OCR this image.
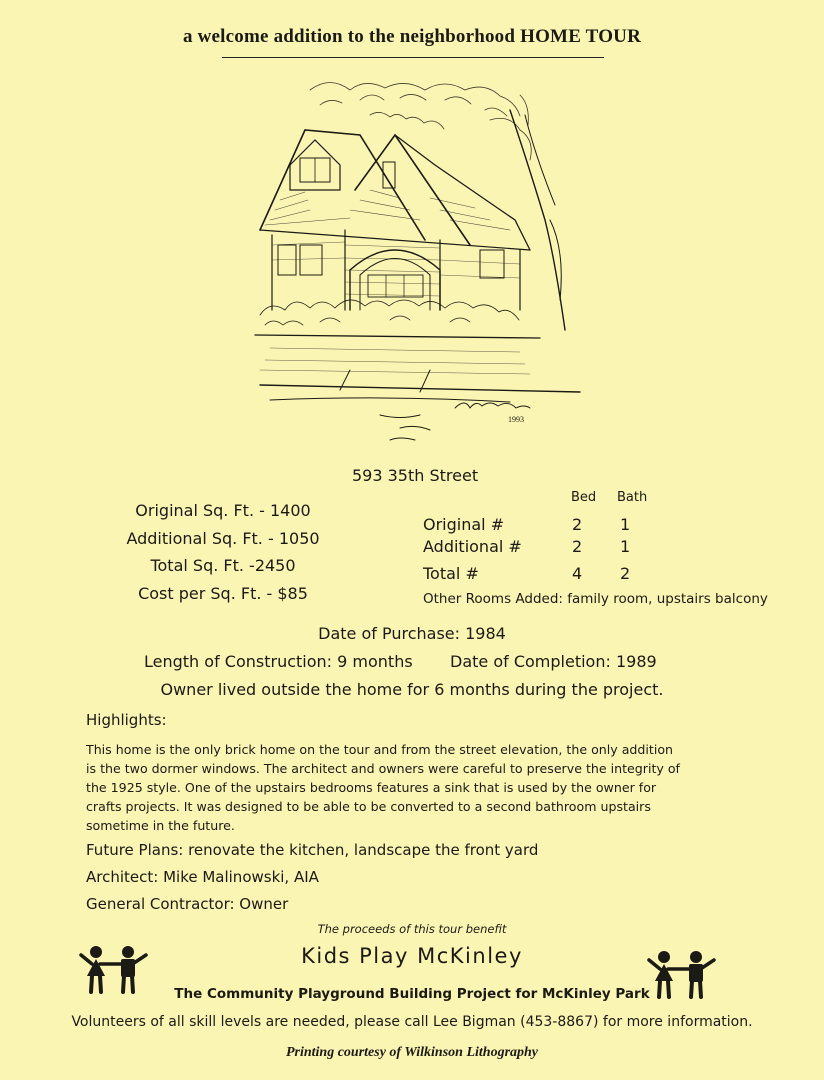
a welcome addition to the neighborhood HOME TOUR
1993
593 35th Street
Original Sq. Ft. - 1400
Additional Sq. Ft. - 1050
Total Sq. Ft. -2450
Cost per Sq. Ft. - $85
Bed Bath
Original #	2 1
Additional #	2 1
Total #	4 2
Other Rooms Added: family room, upstairs balcony
Date of Purchase: 1984
Length of Construction: 9 months Date of Completion: 1989
Owner lived outside the home for 6 months during the project.
Highlights:
This home is the only brick home on the tour and from the street elevation, the only addition
is the two dormer windows. The architect and owners were careful to preserve the integrity of
the 1925 style. One of the upstairs bedrooms features a sink that is used by the owner for
crafts projects. It was designed to be able to be converted to a second bathroom upstairs
sometime in the future.
Future Plans: renovate the kitchen, landscape the front yard
Architect: Mike Malinowski, AIA
General Contractor: Owner
The proceeds of this tour benefit
Kids Play McKinley
The Community Playground Building Project for McKinley Park
Volunteers of all skill levels are needed, please call Lee Bigman (453-8867) for more information.
Printing courtesy of Wilkinson Lithography
